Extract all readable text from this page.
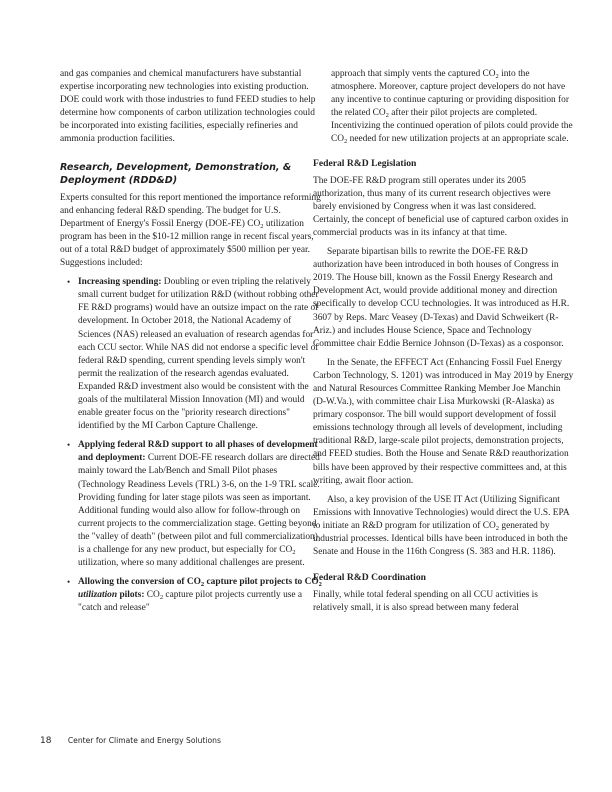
and gas companies and chemical manufacturers have substantial expertise incorporating new technologies into existing production. DOE could work with those industries to fund FEED studies to help determine how components of carbon utilization technologies could be incorporated into existing facilities, especially refineries and ammonia production facilities.

Research, Development, Demonstration, & Deployment (RDD&D)

Experts consulted for this report mentioned the importance reforming and enhancing federal R&D spending. The budget for U.S. Department of Energy's Fossil Energy (DOE-FE) $CO_2$ utilization program has been in the $10-12 million range in recent fiscal years, out of a total R&D budget of approximately $500 million per year. Suggestions included:

• Increasing spending: Doubling or even tripling the relatively small current budget for utilization R&D (without robbing other FE R&D programs) would have an outsize impact on the rate of development. In October 2018, the National Academy of Sciences (NAS) released an evaluation of research agendas for each CCU sector. While NAS did not endorse a specific level of federal R&D spending, current spending levels simply won't permit the realization of the research agendas evaluated. Expanded R&D investment also would be consistent with the goals of the multilateral Mission Innovation (MI) and would enable greater focus on the "priority research directions" identified by the MI Carbon Capture Challenge.
• Applying federal R&D support to all phases of development and deployment: Current DOE-FE research dollars are directed mainly toward the Lab/Bench and Small Pilot phases (Technology Readiness Levels (TRL) 3-6, on the 1-9 TRL scale. Providing funding for later stage pilots was seen as important. Additional funding would also allow for follow-through on current projects to the commercialization stage. Getting beyond the "valley of death" (between pilot and full commercialization) is a challenge for any new product, but especially for $CO_2$ utilization, where so many additional challenges are present.
• Allowing the conversion of $CO_2$ capture pilot projects to $CO_2$ utilization pilots: $CO_2$ capture pilot projects currently use a "catch and release"
approach that simply vents the captured $CO_2$ into the atmosphere. Moreover, capture project developers do not have any incentive to continue capturing or providing disposition for the related $CO_2$ after their pilot projects are completed. Incentivizing the continued operation of pilots could provide the $CO_2$ needed for new utilization projects at an appropriate scale.
Federal R&D Legislation

The DOE-FE R&D program still operates under its 2005 authorization, thus many of its current research objectives were barely envisioned by Congress when it was last considered. Certainly, the concept of beneficial use of captured carbon oxides in commercial products was in its infancy at that time.

Separate bipartisan bills to rewrite the DOE-FE R&D authorization have been introduced in both houses of Congress in 2019. The House bill, known as the Fossil Energy Research and Development Act, would provide additional money and direction specifically to develop CCU technologies. It was introduced as H.R. 3607 by Reps. Marc Veasey (D-Texas) and David Schweikert (R-Ariz.) and includes House Science, Space and Technology Committee chair Eddie Bernice Johnson (D-Texas) as a cosponsor.

In the Senate, the EFFECT Act (Enhancing Fossil Fuel Energy Carbon Technology, S. 1201) was introduced in May 2019 by Energy and Natural Resources Committee Ranking Member Joe Manchin (D-W.Va.), with committee chair Lisa Murkowski (R-Alaska) as primary cosponsor. The bill would support development of fossil emissions technology through all levels of development, including traditional R&D, large-scale pilot projects, demonstration projects, and FEED studies. Both the House and Senate R&D reauthorization bills have been approved by their respective committees and, at this writing, await floor action.

Also, a key provision of the USE IT Act (Utilizing Significant Emissions with Innovative Technologies) would direct the U.S. EPA to initiate an R&D program for utilization of $CO_2$ generated by industrial processes. Identical bills have been introduced in both the Senate and House in the 116th Congress (S. 383 and H.R. 1186).

Federal R&D Coordination

Finally, while total federal spending on all CCU activities is relatively small, it is also spread between many federal

18 Center for Climate and Energy Solutions
